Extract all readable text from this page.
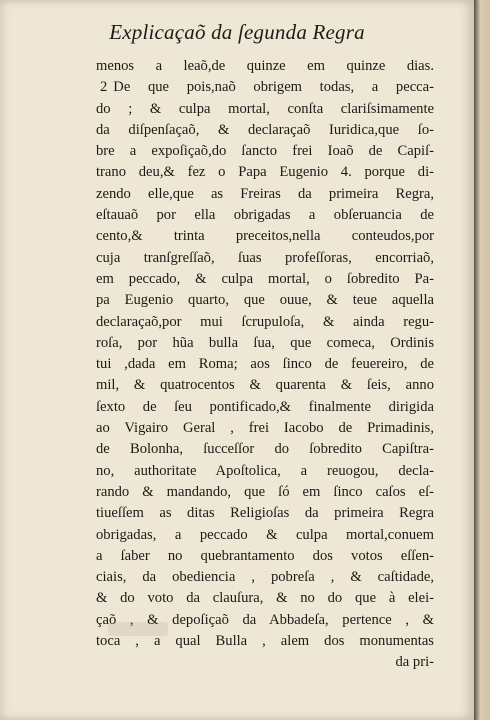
Explicaçaõ da ſegunda Regra
menos a leaõ,de quinze em quinze dias.
2 De que pois,naõ obrigem todas, a pecca-
do ; & culpa mortal, conſta clariſsimamente
da diſpenſaçaõ, & declaraçaõ Iuridica,que ſo-
bre a expoſiçaõ,do ſancto frei Ioaõ de Capiſ-
trano deu,& fez o Papa Eugenio 4. porque di-
zendo elle,que as Freiras da primeira Regra,
eſtauaõ por ella obrigadas a obſeruancia de
cento,& trinta preceitos,nella conteudos,por
cuja tranſgreſſaõ, ſuas profeſſoras, encorriaõ,
em peccado, & culpa mortal, o ſobredito Pa-
pa Eugenio quarto, que ouue, & teue aquella
declaraçaõ,por mui ſcrupuloſa, & ainda regu-
roſa, por hũa bulla ſua, que comeca, Ordinis
tui ,dada em Roma; aos ſinco de feuereiro, de
mil, & quatrocentos & quarenta & ſeis, anno
ſexto de ſeu pontificado,& finalmente dirigida
ao Vigairo Geral , frei Iacobo de Primadinis,
de Bolonha, ſucceſſor do ſobredito Capiſtra-
no, authoritate Apoſtolica, a reuogou, decla-
rando & mandando, que ſó em ſinco caſos eſ-
tiueſſem as ditas Religioſas da primeira Regra
obrigadas, a peccado & culpa mortal,conuem
a ſaber no quebrantamento dos votos eſſen-
ciais, da obediencia , pobreſa , & caſtidade,
& do voto da clauſura, & no do que à elei-
çaõ , & depoſiçaõ da Abbadeſa, pertence , &
toca , a qual Bulla , alem dos monumentas
da pri-
